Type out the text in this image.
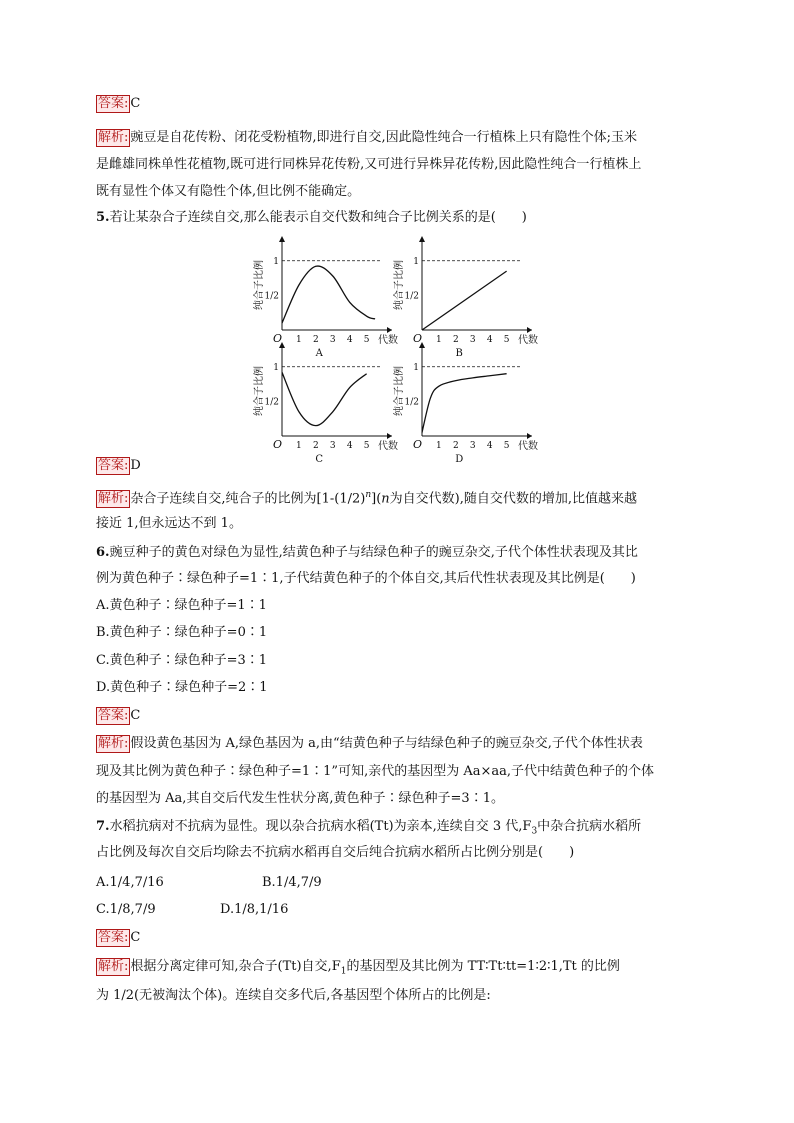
答案: C
解析: 豌豆是自花传粉、闭花受粉植物,即进行自交,因此隐性纯合一行植株上只有隐性个体;玉米
是雌雄同株单性花植物,既可进行同株异花传粉,又可进行异株异花传粉,因此隐性纯合一行植株上
既有显性个体又有隐性个体,但比例不能确定。
5.若让某杂合子连续自交,那么能表示自交代数和纯合子比例关系的是(　　)
1/2
1
1 2 3 4 5
O	代数
纯合子比例
A
1/2
1
1 2 3 4 5
O	代数
纯合子比例
B
1/2
1
1 2 3 4 5
O	代数
纯合子比例
C
1/2
1
1 2 3 4 5
O	代数
纯合子比例
D
答案: D
解析: 杂合子连续自交,纯合子的比例为$[1-(1/2)^n](n$为自交代数),随自交代数的增加,比值越来越
接近 1,但永远达不到 1。
6.豌豆种子的黄色对绿色为显性,结黄色种子与结绿色种子的豌豆杂交,子代个体性状表现及其比
例为黄色种子∶绿色种子=1∶1,子代结黄色种子的个体自交,其后代性状表现及其比例是(　　)
A.黄色种子∶绿色种子=1∶1
B.黄色种子∶绿色种子=0∶1
C.黄色种子∶绿色种子=3∶1
D.黄色种子∶绿色种子=2∶1
答案: C
解析: 假设黄色基因为 A,绿色基因为 a,由“结黄色种子与结绿色种子的豌豆杂交,子代个体性状表
现及其比例为黄色种子∶绿色种子=1∶1”可知,亲代的基因型为 Aa×aa,子代中结黄色种子的个体
的基因型为 Aa,其自交后代发生性状分离,黄色种子∶绿色种子=3∶1。
7.水稻抗病对不抗病为显性。现以杂合抗病水稻(Tt)为亲本,连续自交 3 代$,F_3$中杂合抗病水稻所
占比例及每次自交后均除去不抗病水稻再自交后纯合抗病水稻所占比例分别是(　　)
A.1/4,7/16	B.1/4,7/9
C.1/8,7/9	D.1/8,1/16
答案: C
解析: 根据分离定律可知,杂合子(Tt)自交$,F_1$的基因型及其比例为 TT∶Tt∶tt=1∶2∶1,Tt 的比例
为 1/2(无被淘汰个体)。连续自交多代后,各基因型个体所占的比例是:
